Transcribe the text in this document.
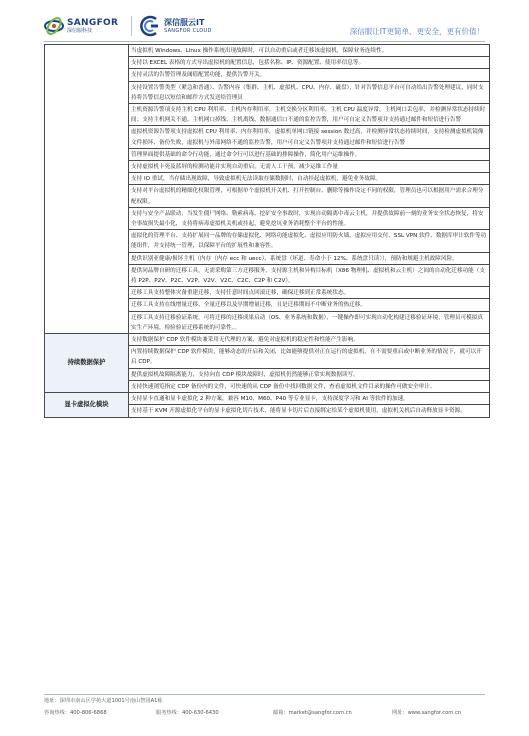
SANGFOR
深信服科技
深信服云IT
SANGFOR CLOUD	深信服让IT更简单、更安全，更有价值！
	当虚拟机 Windows、Linux 操作系统出现故障时，可以自动重启或者迁移该虚拟机，保障业务连续性。
	支持以 EXCEL 表格的方式导出虚拟机的配置信息，包括名称、IP、资源配置、使用率信息等。
	支持灵活的告警管理及阈值配置功能，提供告警开关。
	支持设置告警类型（紧急和普通）、告警内容（集群、主机、虚拟机、CPU、内存、磁盘），针对告警信息平台可自动给出告警处理建议，同时支持将告警信息以短信和邮件方式发送给管理员
	主机资源告警项支持主机 CPU 利用率、主机内存利用率，主机交换分区利用率，主机 CPU 温度异常，主机网口丢包率，并检测异常状态持续时间；支持主机网关不通、主机网口掉线、主机离线、数据通信口不通的监控告警，用户可自定义告警项并支持通过邮件和短信进行告警
	虚拟机资源告警项支持虚拟机 CPU 利用率、内存利用率，虚拟机单网口链接 session 数过高，并检测异常状态持续时间，支持检测虚拟机镜像文件损坏、备份失败，虚拟机与外部网络不通的监控告警，用户可自定义告警项并支持通过邮件和短信进行告警
	管理界面提供基础的命令行功能，通过命令行可以进行基础的排障操作，简化用户运维操作。
	支持虚拟机卡死及蓝屏的检测功能并实现自动重启，无需人工干预，减少运维工作量
	支持 IO 重试，当存储出现故障，导致虚拟机无法读取存储数据时，自动挂起虚拟机，避免业务故障。
	支持对平台虚拟机的精细化权限管理，可根据单个虚拟机开关机、打开控制台、删除等操作设定不同的权限，管理员也可以根据用户需求合理分配权限。
	支持与安全产品联动，当发生僵尸网络、勒索病毒、挖矿安全事故时，实现自动隔离中毒云主机，并提供故障前一刻的业务安全状态恢复，将安全事故损失最小化，支持将病毒虚拟机关机或挂起，避免挖坑业务消耗整个平台的性能。
	虚拟化的管理平台、支持扩展同一品牌的存储虚拟化、网络功能虚拟化、虚拟应用防火墙、虚拟应用交付、SSL VPN 软件、数据库审计软件等功能组件，并支持统一管理，以保障平台的扩展性和兼容性。
	提供识别亚健康/损坏主机（内存（内存 ecc 和 uecc）、系统盘（坏道、寿命小于 12%、系统盘只读）），预防和规避主机故障风险。
	提供同品牌自研的迁移工具，无需采购第三方迁移服务，支持源主机和异构目标机（X86 物理机、虚拟机和云主机）之间的自动化迁移功能（支持 P2P、P2V、P2C、V2P、V2V、V2C、C2C、C2P 和 C2V）。
	迁移工具支持整体灾备重建迁移，支持任意时间点回滚迁移，确保迁移到正常系统状态。
	迁移工具支持在线增量迁移、全量迁移以及早期增量迁移，且是迁移期间不中断业务的热迁移。
	迁移工具支持迁移验证系统，可将迁移的迁移成果启动（OS、业务系统和数据），一键操作即可实现自动化构建迁移验证环境，管理员可模拟真实生产环境，检验验证迁移系统的可靠性。。
持续数据保护	支持数据保护 CDP 软件模块兼采用无代理的方案，避免对虚拟机的稳定性和性能产生影响。
	内置持续数据保护 CDP 软件模块，能够动态的开启和关闭，比如能够提供对正在运行的虚拟机，在不需要重启或中断业务的情况下，就可以开启 CDP。
	提供虚拟机故障隔离能力，支持向直 CDP 模块故障时，虚拟机仍然能够正常实现数据读写。
	支持快速浏览指定 CDP 备份内的文件，可快速的从 CDP 备份中找回数据文件，查看虚拟机文件目录的操作可做安全审计。
显卡虚拟化模块	支持显卡直通和显卡虚拟化 2 种方案，兼容 M10、M60、P40 等专业显卡，支持深度学习和 AI 等软件的加速。
	支持基于 KVM 开源虚拟化平台的显卡虚拟化切片技术，能将显卡切片后直接绑定给某个虚拟机使用，虚拟机关机后自动释放显卡资源。
地址：深圳市南山区学苑大道1001号南山智园A1栋
咨询热线：400-806-6868	服务热线：400-630-6430	邮箱：market@sangfor.com.cn	网址：www.sangfor.com.cn
